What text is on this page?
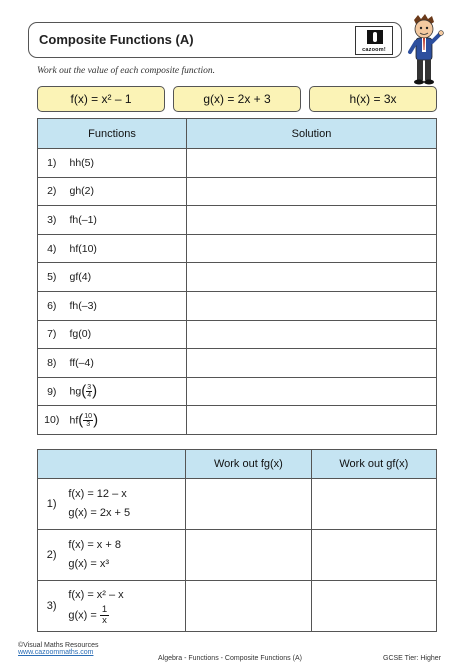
Composite Functions (A)
cazoom!
Work out the value of each composite function.
f(x) = x² – 1	g(x) = 2x + 3	h(x) = 3x
Functions		Solution
1)	hh(5)	
2)	gh(2)	
3)	fh(–1)	
4)	hf(10)	
5)	gf(4)	
6)	fh(–3)	
7)	fg(0)	
8)	ff(–4)	
9)	$hg( \frac{3}{4}$ )	
10)	$hf( \frac{10}{3}$ )	
		Work out fg(x)	Work out gf(x)
1)	f(x) = 12 – x
g(x) = 2x + 5		

2)	f(x) = x + 8
g(x) = x³		

3)	f(x) = x² – x
$g(x) = \frac{1}{x}$

©Visual Maths Resources
www.cazoommaths.com
Algebra - Functions - Composite Functions (A)	GCSE Tier: Higher
